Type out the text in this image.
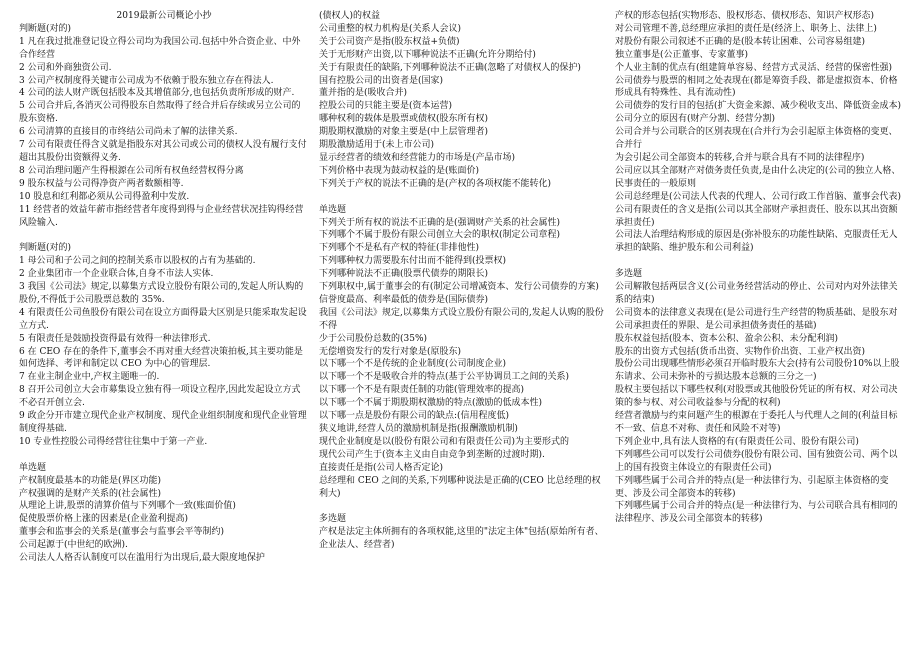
2019最新公司概论小抄

判断题(对的)

1 凡在我过批准登记设立得公司均为我国公司.包括中外合资企业、中外合作经营

2 公司和外商独资公司.

3 公司产权制度得关键市公司成为不依赖于股东独立存在得法人.

4 公司的法人财产既包括股本及其增值部分,也包括负责所形成的财产.

5 公司合并后,各消灭公司得股东自然取得了经合并后存续或另立公司的股东资格.

6 公司清算的直接目的市终结公司尚未了解的法律关系.

7 公司有限责任得含义就是指股东对其公司或公司的债权人没有履行支付超出其股份出资额得义务.

8 公司治理问题产生得根源在公司所有权鱼经营权得分离

9 股东权益与公司得净资产两者数额相等.

10 股息和红利都必须从公司得盈利中发放.

11 经营者的效益年薪市指经营者年度得到得与企业经营状况挂钩得经营风险输入.

判断题(对的)

1 母公司和子公司之间的控制关系市以股权的占有为基础的.

2 企业集团市一个企业联合体,自身不市法人实体.

3 我国《公司法》规定,以募集方式设立股份有限公司的,发起人所认购的股份,不得低于公司股票总数的 35%.

4 有限责任公司鱼股份有限公司在设立方面得最大区别是只能采取发起设立方式.

5 有限责任是鼓励投资得最有效得一种法律形式.

6 在 CEO 存在的条件下,董事会不再对重大经营决策拍板,其主要功能是如何选择、考评和制定以 CEO 为中心的管理层.

7 在业主制企业中,产权主题唯一的.

8 召开公司创立大会市募集设立独有得一项设立程序,因此发起设立方式不必召开创立会.

9 政企分开市建立现代企业产权制度、现代企业组织制度和现代企业管理制度得基础.

10 专业性控股公司得经营往往集中于第一产业.

单选题

产权制度最基本的功能是(界区功能)

产权强调的是财产关系的(社会属性)

从理论上讲,股票的清算价值与下列哪个一致(账面价值)

促使股票价格上涨的因素是(企业盈利提高)

董事会和监事会的关系是(董事会与监事会平等制约)

公司起源于(中世纪的欧洲).

公司法人人格否认制度可以在滥用行为出现后,最大限度地保护

(债权人)的权益

公司重整的权力机构是(关系人会议)

关于公司资产是指(股东权益+负债)

关于无形财产出资,以下哪种说法不正确(允许分期给付)

关于有限责任的缺陷,下列哪种说法不正确(忽略了对债权人的保护)

国有控股公司的出资者是(国家)

董并指的是(吸收合并)

控股公司的只能主要是(资本运营)

哪种权利的载体是股票或债权(股东所有权)

期股期权激励的对象主要是(中上层管理者)

期股激励适用于(未上市公司)

显示经营者的绩效和经营能力的市场是(产品市场)

下列价格中表现为鼓动权益的是(账面价)

下列关于产权的说法不正确的是(产权的各项权能不能转化)

单选题

下列关于所有权的说法不正确的是(强调财产关系的社会属性)

下列哪个不属于股份有限公司创立大会的职权(制定公司章程)

下列哪个不是私有产权的特征(非排他性)

下列哪种权力需要股东付出而不能得到(投票权)

下列哪种说法不正确(股票代债券的期限长)

下列职权中,属于董事会的有(制定公司增减资本、发行公司债券的方案)

信誉度最高、利率最低的债券是(国际债券)

我国《公司法》规定,以募集方式设立股份有限公司的,发起人认购的股份不得

少于公司股份总数的(35%)

无偿增资发行的发行对象是(原股东)

以下哪一个不是传统的企业制度(公司制度企业)

以下哪一个不是吸收合并的特点(基于公平协调员工之间的关系)

以下哪一个不是有限责任制的功能(管理效率的提高)

以下哪一个不属于期股期权激励的特点(激励的低成本性)

以下哪一点是股份有限公司的缺点:(信用程度低)

狭义地讲,经营人员的激励机制是指(报酬激励机制)

现代企业制度是以(股份有限公司和有限责任公司)为主要形式的

现代公司产生于(资本主义由自由竞争到垄断的过渡时期).

直接责任是指(公司人格否定论)

总经理和 CEO 之间的关系,下列哪种说法是正确的(CEO 比总经理的权利大)

多选题

产权是法定主体所拥有的各项权能,这里的"法定主体"包括(原始所有者、企业法人、经营者)

产权的形态包括(实物形态、股权形态、债权形态、知识产权形态)

对公司管理不善,总经理应承担的责任是(经济上、职务上、法律上)

对股份有限公司叙述不正确的是(股本转让困难、公司容易组建)

独立董事是(公正董事、专家董事)

个人业主制的优点有(组建简单容易、经营方式灵活、经营的保密性强)

公司债券与股票的相同之处表现在(都是筹资手段、都是虚拟资本、价格形成具有特殊性、具有流动性)

公司债券的发行目的包括(扩大资金来源、减少税收支出、降低资金成本)

公司分立的原因有(财产分割、经营分割)

公司合并与公司联合的区别表现在(合并行为会引起原主体资格的变更、合并行

为会引起公司全部资本的转移,合并与联合具有不同的法律程序)

公司应以其全部财产对债务责任负责,是由什么决定的(公司的独立人格、民事责任的一般原则

公司总经理是(公司法人代表的代理人、公司行政工作首脑、董事会代表)

公司有限责任的含义是指(公司以其全部财产承担责任、股东以其出资额承担责任)

公司法人治理结构形成的原因是(弥补股东的功能性缺陷、克服责任无人承担的缺陷、维护股东和公司利益)

多选题

公司解散包括两层含义(公司业务经营活动的停止、公司对内对外法律关系的结束)

公司资本的法律意义表现在(是公司进行生产经营的物质基础、是股东对公司承担责任的界限、是公司承担债务责任的基础)

股东权益包括(股本、资本公积、盈余公积、未分配利润)

股东的出资方式包括(货币出资、实物作价出资、工业产权出资)

股份公司出现哪些情形必须召开临时股东大会(持有公司股份10%以上股东请求、公司未弥补的亏损达股本总额的三分之一)

股权主要包括以下哪些权利(对股票或其他股份凭证的所有权、对公司决策的参与权、对公司收益参与分配的权利)

经营者激励与约束问题产生的根源在于委托人与代理人之间的(利益目标不一致、信息不对称、责任和风险不对等)

下列企业中,具有法人资格的有(有限责任公司、股份有限公司)

下列哪些公司可以发行公司债券(股份有限公司、国有独资公司、两个以上的国有投资主体设立的有限责任公司)

下列哪些属于公司合并的特点(是一种法律行为、引起原主体资格的变更、涉及公司全部资本的转移)

下列哪些属于公司合并的特点(是一种法律行为、与公司联合具有相同的法律程序、涉及公司全部资本的转移)
